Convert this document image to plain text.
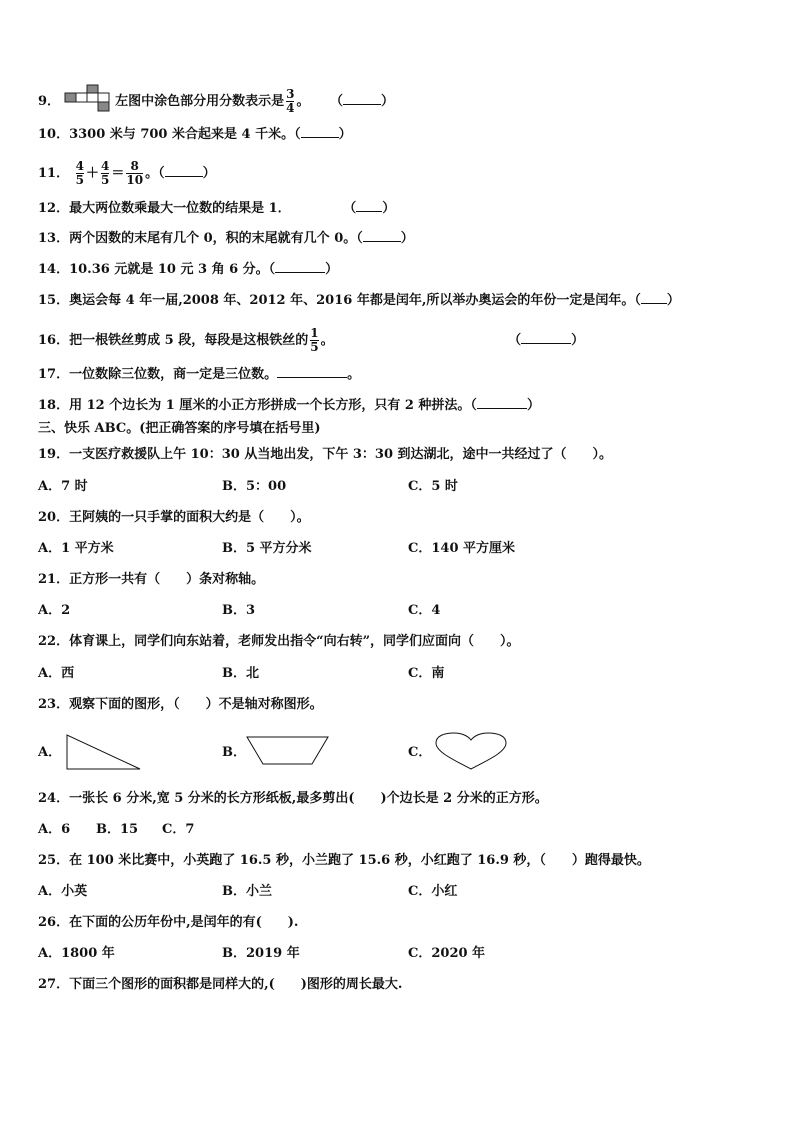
9．	左图中涂色部分用分数表示是 $\frac{3}{4}$ 。 （	）
10．3300 米与 700 米合起来是 4 千米。（	）
11． $\frac{4}{5} + \frac{4}{5} = \frac{8}{10}$ 。（	）
12．最大两位数乘最大一位数的结果是 1．	（ ）
13．两个因数的末尾有几个 0，积的末尾就有几个 0。（	）
14．10.36 元就是 10 元 3 角 6 分。（	）
15．奥运会每 4 年一届,2008 年、2012 年、2016 年都是闰年,所以举办奥运会的年份一定是闰年。（ ）
16．把一根铁丝剪成 5 段，每段是这根铁丝的 $\frac{1}{5}$ 。	（	）
17．一位数除三位数，商一定是三位数。	。
18．用 12 个边长为 1 厘米的小正方形拼成一个长方形，只有 2 种拼法。（	）
三、快乐 ABC。(把正确答案的序号填在括号里)
19．一支医疗救援队上午 10：30 从当地出发，下午 3：30 到达湖北，途中一共经过了（　　）。
A．7 时	B．5：00	C．5 时
20．王阿姨的一只手掌的面积大约是（　　）。
A．1 平方米	B．5 平方分米	C．140 平方厘米
21．正方形一共有（　　）条对称轴。
A．2	B．3	C．4
22．体育课上，同学们向东站着，老师发出指令“向右转”，同学们应面向（　　）。
A．西	B．北	C．南
23．观察下面的图形，（　　）不是轴对称图形。
A．	B．	C．
24．一张长 6 分米,宽 5 分米的长方形纸板,最多剪出(　　)个边长是 2 分米的正方形。
A．6 B．15 C．7
25．在 100 米比赛中，小英跑了 16.5 秒，小兰跑了 15.6 秒，小红跑了 16.9 秒，（　　）跑得最快。
A．小英	B．小兰	C．小红
26．在下面的公历年份中,是闰年的有(　　).
A．1800 年	B．2019 年	C．2020 年
27．下面三个图形的面积都是同样大的,(　　)图形的周长最大.
